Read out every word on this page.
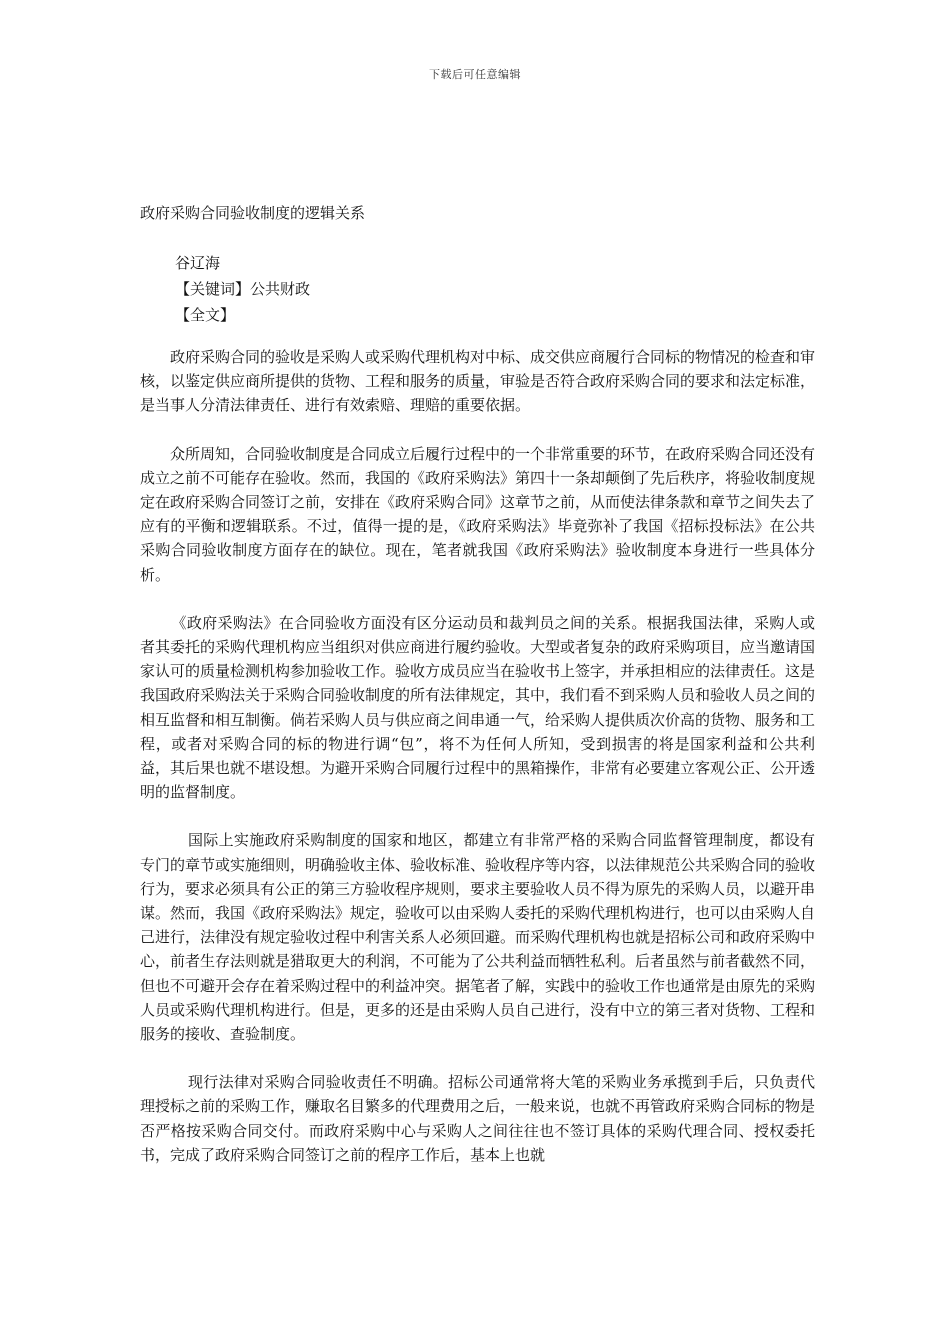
下载后可任意编辑
政府采购合同验收制度的逻辑关系
谷辽海
【关键词】公共财政
【全文】

政府采购合同的验收是采购人或采购代理机构对中标、成交供应商履行合同标的物情况的检查和审核，以鉴定供应商所提供的货物、工程和服务的质量，审验是否符合政府采购合同的要求和法定标准，是当事人分清法律责任、进行有效索赔、理赔的重要依据。

众所周知，合同验收制度是合同成立后履行过程中的一个非常重要的环节，在政府采购合同还没有成立之前不可能存在验收。然而，我国的《政府采购法》第四十一条却颠倒了先后秩序，将验收制度规定在政府采购合同签订之前，安排在《政府采购合同》这章节之前，从而使法律条款和章节之间失去了应有的平衡和逻辑联系。不过，值得一提的是，《政府采购法》毕竟弥补了我国《招标投标法》在公共采购合同验收制度方面存在的缺位。现在，笔者就我国《政府采购法》验收制度本身进行一些具体分析。

《政府采购法》在合同验收方面没有区分运动员和裁判员之间的关系。根据我国法律，采购人或者其委托的采购代理机构应当组织对供应商进行履约验收。大型或者复杂的政府采购项目，应当邀请国家认可的质量检测机构参加验收工作。验收方成员应当在验收书上签字，并承担相应的法律责任。这是我国政府采购法关于采购合同验收制度的所有法律规定，其中，我们看不到采购人员和验收人员之间的相互监督和相互制衡。倘若采购人员与供应商之间串通一气，给采购人提供质次价高的货物、服务和工程，或者对采购合同的标的物进行调“包”，将不为任何人所知，受到损害的将是国家利益和公共利益，其后果也就不堪设想。为避开采购合同履行过程中的黑箱操作，非常有必要建立客观公正、公开透明的监督制度。

国际上实施政府采购制度的国家和地区，都建立有非常严格的采购合同监督管理制度，都设有专门的章节或实施细则，明确验收主体、验收标准、验收程序等内容，以法律规范公共采购合同的验收行为，要求必须具有公正的第三方验收程序规则，要求主要验收人员不得为原先的采购人员，以避开串谋。然而，我国《政府采购法》规定，验收可以由采购人委托的采购代理机构进行，也可以由采购人自己进行，法律没有规定验收过程中利害关系人必须回避。而采购代理机构也就是招标公司和政府采购中心，前者生存法则就是猎取更大的利润，不可能为了公共利益而牺牲私利。后者虽然与前者截然不同，但也不可避开会存在着采购过程中的利益冲突。据笔者了解，实践中的验收工作也通常是由原先的采购人员或采购代理机构进行。但是，更多的还是由采购人员自己进行，没有中立的第三者对货物、工程和服务的接收、查验制度。

现行法律对采购合同验收责任不明确。招标公司通常将大笔的采购业务承揽到手后，只负责代理授标之前的采购工作，赚取名目繁多的代理费用之后，一般来说，也就不再管政府采购合同标的物是否严格按采购合同交付。而政府采购中心与采购人之间往往也不签订具体的采购代理合同、授权委托书，完成了政府采购合同签订之前的程序工作后，基本上也就
